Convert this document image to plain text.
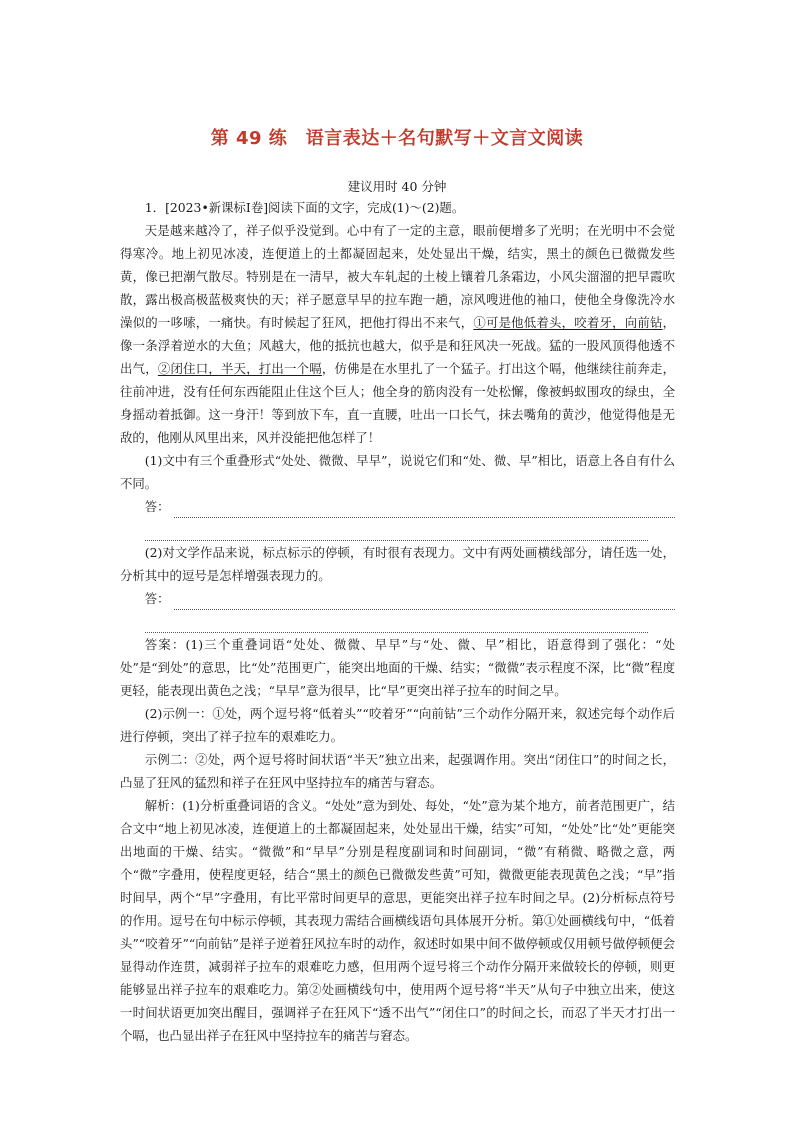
第 49 练　语言表达＋名句默写＋文言文阅读
建议用时 40 分钟

1．[2023•新课标Ⅰ卷]阅读下面的文字，完成(1)～(2)题。

天是越来越冷了，祥子似乎没觉到。心中有了一定的主意，眼前便增多了光明；在光明中不会觉得寒冷。地上初见冰凌，连便道上的土都凝固起来，处处显出干燥，结实，黑土的颜色已微微发些黄，像已把潮气散尽。特别是在一清早，被大车轧起的土棱上镶着几条霜边，小风尖溜溜的把早霞吹散，露出极高极蓝极爽快的天；祥子愿意早早的拉车跑一趟，凉风嗖进他的袖口，使他全身像洗冷水澡似的一哆嗦，一痛快。有时候起了狂风，把他打得出不来气，①可是他低着头，咬着牙，向前钻，像一条浮着逆水的大鱼；风越大，他的抵抗也越大，似乎是和狂风决一死战。猛的一股风顶得他透不出气，②闭住口，半天，打出一个嗝，仿佛是在水里扎了一个猛子。打出这个嗝，他继续往前奔走，往前冲进，没有任何东西能阻止住这个巨人；他全身的筋肉没有一处松懈，像被蚂蚁围攻的绿虫，全身摇动着抵御。这一身汗！等到放下车，直一直腰，吐出一口长气，抹去嘴角的黄沙，他觉得他是无敌的，他刚从风里出来，风并没能把他怎样了！

(1)文中有三个重叠形式“处处、微微、早早”，说说它们和“处、微、早”相比，语意上各自有什么不同。

答：

(2)对文学作品来说，标点标示的停顿，有时很有表现力。文中有两处画横线部分，请任选一处，分析其中的逗号是怎样增强表现力的。

答：

答案：(1)三个重叠词语“处处、微微、早早”与“处、微、早”相比，语意得到了强化：“处处”是“到处”的意思，比“处”范围更广，能突出地面的干燥、结实；“微微”表示程度不深，比“微”程度更轻，能表现出黄色之浅；“早早”意为很早，比“早”更突出祥子拉车的时间之早。

(2)示例一：①处，两个逗号将“低着头”“咬着牙”“向前钻”三个动作分隔开来，叙述完每个动作后进行停顿，突出了祥子拉车的艰难吃力。

示例二：②处，两个逗号将时间状语“半天”独立出来，起强调作用。突出“闭住口”的时间之长，凸显了狂风的猛烈和祥子在狂风中坚持拉车的痛苦与窘态。

解析：(1)分析重叠词语的含义。“处处”意为到处、每处，“处”意为某个地方，前者范围更广，结合文中“地上初见冰凌，连便道上的土都凝固起来，处处显出干燥，结实”可知，“处处”比“处”更能突出地面的干燥、结实。“微微”和“早早”分别是程度副词和时间副词，“微”有稍微、略微之意，两个“微”字叠用，使程度更轻，结合“黑土的颜色已微微发些黄”可知，微微更能表现黄色之浅；“早”指时间早，两个“早”字叠用，有比平常时间更早的意思，更能突出祥子拉车时间之早。(2)分析标点符号的作用。逗号在句中标示停顿，其表现力需结合画横线语句具体展开分析。第①处画横线句中，“低着头”“咬着牙”“向前钻”是祥子逆着狂风拉车时的动作，叙述时如果中间不做停顿或仅用顿号做停顿便会显得动作连贯，减弱祥子拉车的艰难吃力感，但用两个逗号将三个动作分隔开来做较长的停顿，则更能够显出祥子拉车的艰难吃力。第②处画横线句中，使用两个逗号将“半天”从句子中独立出来，使这一时间状语更加突出醒目，强调祥子在狂风下“透不出气”“闭住口”的时间之长，而忍了半天才打出一个嗝，也凸显出祥子在狂风中坚持拉车的痛苦与窘态。
